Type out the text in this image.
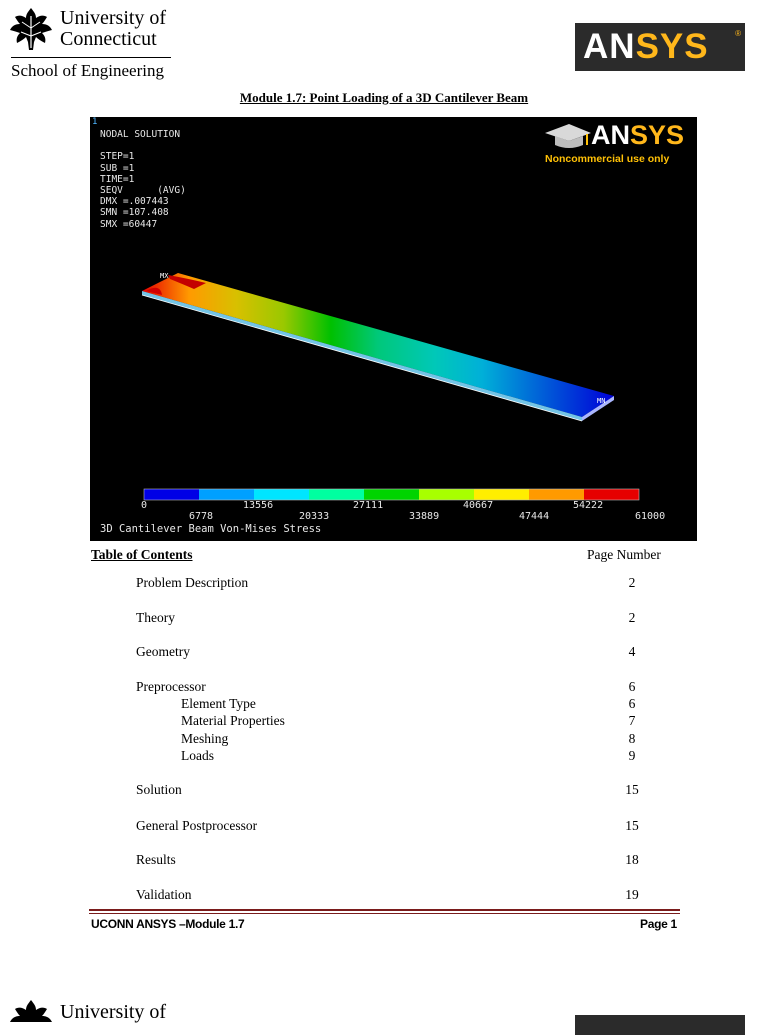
University of
Connecticut
School of Engineering
ANSYS	®
Module 1.7: Point Loading of a 3D Cantilever Beam
1
NODAL SOLUTION

STEP=1
SUB =1
TIME=1
SEQV      (AVG)
DMX =.007443
SMN =107.408
SMX =60447
ANSYS
Noncommercial use only
MX
MN
3D Cantilever Beam Von-Mises Stress
0	13556	27111	40667	54222
6778	20333	33889	47444	61000
Table of Contents	Page Number
Problem Description	2
Theory	2
Geometry	4
Preprocessor	6
Element Type	6
Material Properties	7
Meshing	8
Loads	9
Solution	15
General Postprocessor	15
Results	18
Validation	19
UCONN ANSYS –Module 1.7	Page 1
University of
